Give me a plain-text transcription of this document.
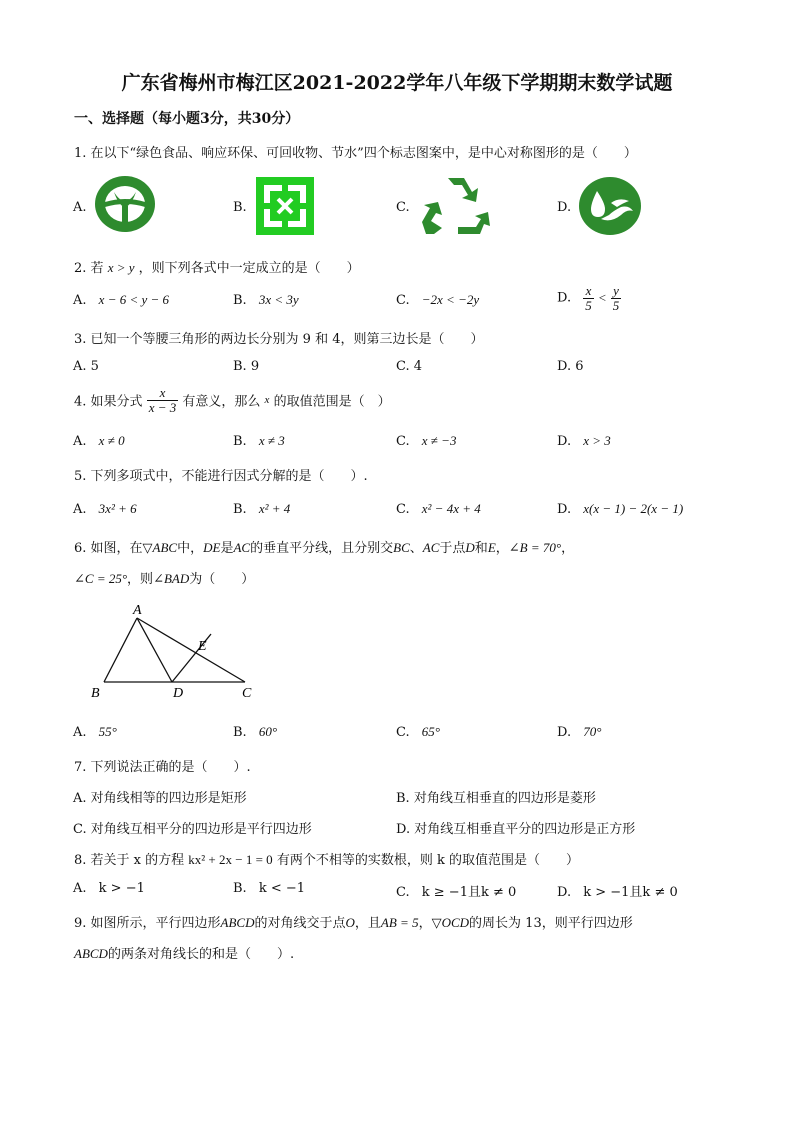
广东省梅州市梅江区2021-2022学年八年级下学期期末数学试题
一、选择题（每小题3分，共30分）
1. 在以下“绿色食品、响应环保、可回收物、节水”四个标志图案中，是中心对称图形的是（　　）
A.	B.	C.	D.
2. 若 x > y ，则下列各式中一定成立的是（　　）
A. x − 6 < y − 6	B. 3x < 3y	C. −2x < −2y	D. $\frac{x}{5} < \frac{y}{5}$
3. 已知一个等腰三角形的两边长分别为 9 和 4，则第三边长是（　　）
A. 5	B. 9	C. 4	D. 6
4. 如果分式 $\frac{x}{x - 3}$ 有意义，那么 x 的取值范围是（　）
A. x ≠ 0	B. x ≠ 3	C. x ≠ −3	D. x > 3
5. 下列多项式中，不能进行因式分解的是（　　）.
A. 3x² + 6	B. x² + 4	C. x² − 4x + 4	D. x(x − 1) − 2(x − 1)
6. 如图，在▽ABC中，DE是AC的垂直平分线，且分别交BC、AC于点D和E，∠B = 70°，
∠C = 25°，则∠BAD为（　　）
A
B	D	C
E
A. 55°	B. 60°	C. 65°	D. 70°
7. 下列说法正确的是（　　）.
A. 对角线相等的四边形是矩形	B. 对角线互相垂直的四边形是菱形
C. 对角线互相平分的四边形是平行四边形	D. 对角线互相垂直平分的四边形是正方形
8. 若关于 x 的方程 kx² + 2x − 1 = 0 有两个不相等的实数根，则 k 的取值范围是（　　）
A. k > −1	B. k < −1	C. k ≥ −1且k ≠ 0	D. k > −1且k ≠ 0
9. 如图所示，平行四边形ABCD的对角线交于点O，且AB = 5，▽OCD的周长为 13，则平行四边形
ABCD的两条对角线长的和是（　　）.
